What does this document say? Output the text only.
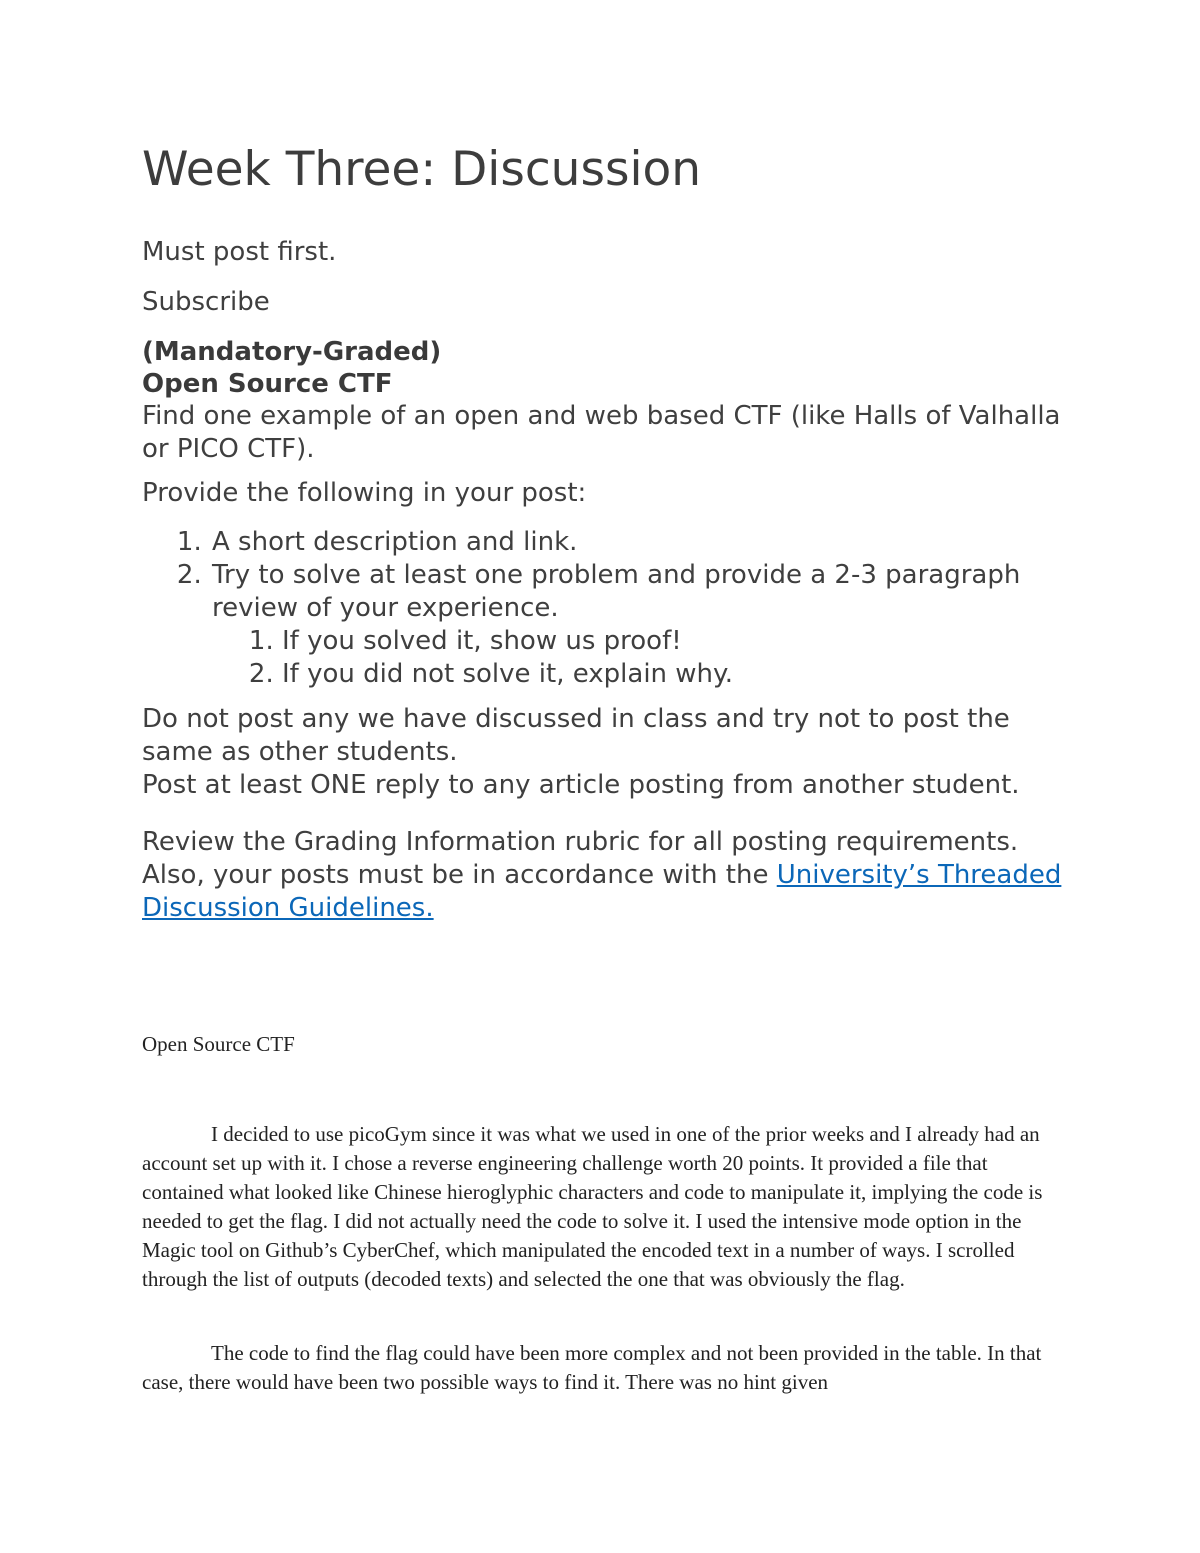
Week Three: Discussion

Must post first.

Subscribe

(Mandatory-Graded)

Open Source CTF

Find one example of an open and web based CTF (like Halls of Valhalla or PICO CTF).

Provide the following in your post:

1. A short description and link.
2. Try to solve at least one problem and provide a 2-3 paragraph review of your experience.
1. If you solved it, show us proof!
2. If you did not solve it, explain why.

Do not post any we have discussed in class and try not to post the same as other students.

Post at least ONE reply to any article posting from another student.

Review the Grading Information rubric for all posting requirements. Also, your posts must be in accordance with the University’s Threaded Discussion Guidelines.

Open Source CTF

I decided to use picoGym since it was what we used in one of the prior weeks and I already had an account set up with it. I chose a reverse engineering challenge worth 20 points. It provided a file that contained what looked like Chinese hieroglyphic characters and code to manipulate it, implying the code is needed to get the flag. I did not actually need the code to solve it. I used the intensive mode option in the Magic tool on Github’s CyberChef, which manipulated the encoded text in a number of ways. I scrolled through the list of outputs (decoded texts) and selected the one that was obviously the flag.

The code to find the flag could have been more complex and not been provided in the table. In that case, there would have been two possible ways to find it. There was no hint given
